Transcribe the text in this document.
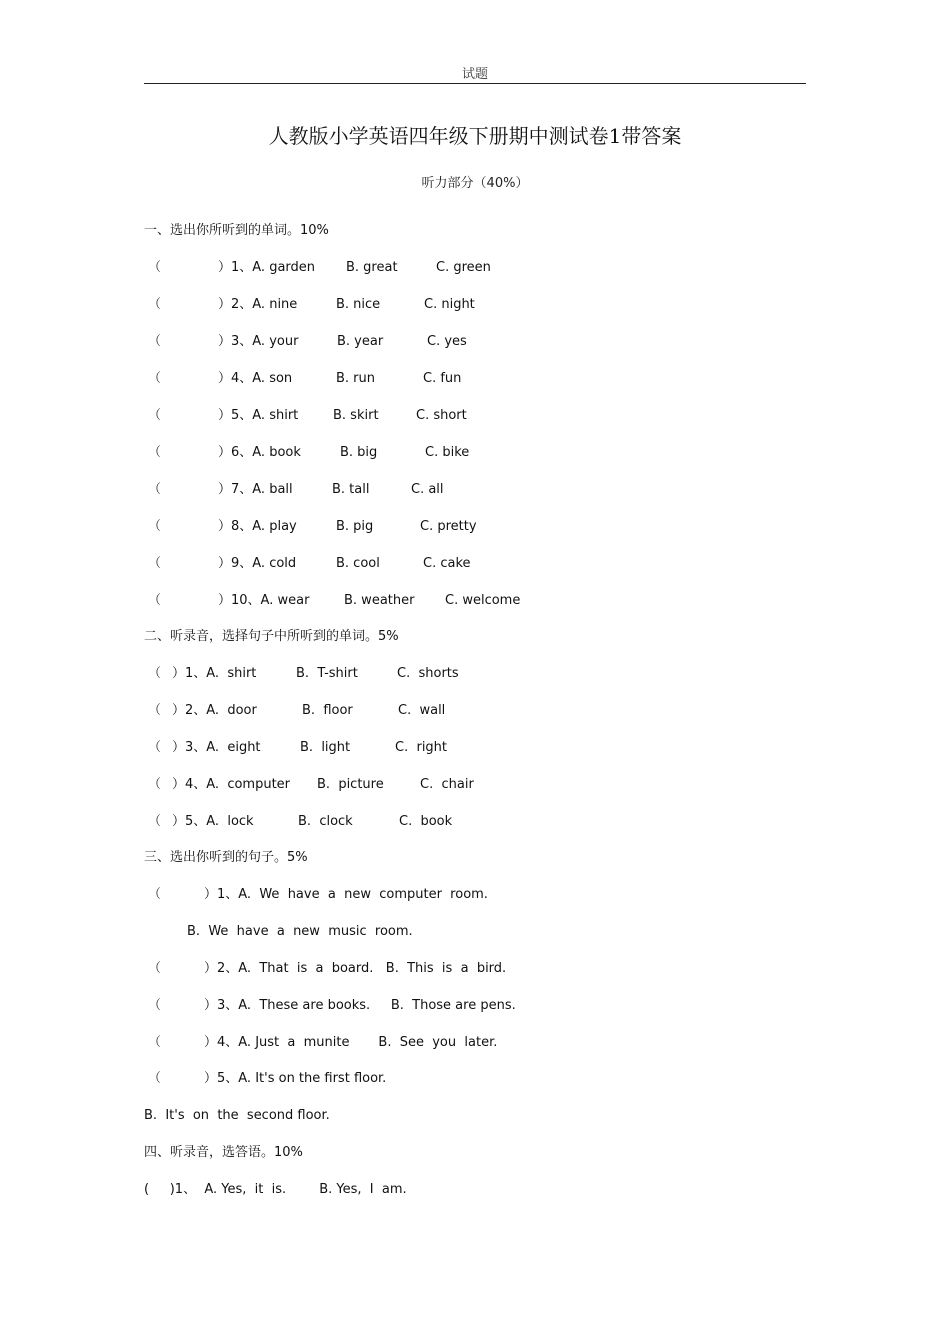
试题
人教版小学英语四年级下册期中测试卷1带答案
听力部分（40%）
一、选出你所听到的单词。10%
（	）1、A. garden B. great	C. green
（	）2、A. nine	B. nice	C. night
（	）3、A. your	B. year	C. yes
（	）4、A. son	B. run	C. fun
（	）5、A. shirt	B. skirt	C. short
（	）6、A. book	B. big	C. bike
（	）7、A. ball	B. tall	C. all
（	）8、A. play	B. pig	C. pretty
（	）9、A. cold	B. cool	C. cake
（	）10、A. wear	B. weather C. welcome
二、听录音，选择句子中所听到的单词。5%
（ ）1、A.  shirt	B.  T-shirt	C.  shorts
（ ）2、A.  door	B.  floor	C.  wall
（ ）3、A.  eight	B.  light	C.  right
（ ）4、A.  computer B.  picture	C.  chair
（ ）5、A.  lock	B.  clock	C.  book
三、选出你听到的句子。5%
（	）1、A.  We  have  a  new  computer  room.
B.  We  have  a  new  music  room.
（	）2、A.  That  is  a  board.   B.  This  is  a  bird.
（	）3、A.  These are books.     B.  Those are pens.
（	）4、A. Just  a  munite       B.  See  you  later.
（	）5、A. It's on the first floor.
B.  It's  on  the  second floor.
四、听录音，选答语。10%
(     )1、  A. Yes,  it  is.        B. Yes,  I  am.
